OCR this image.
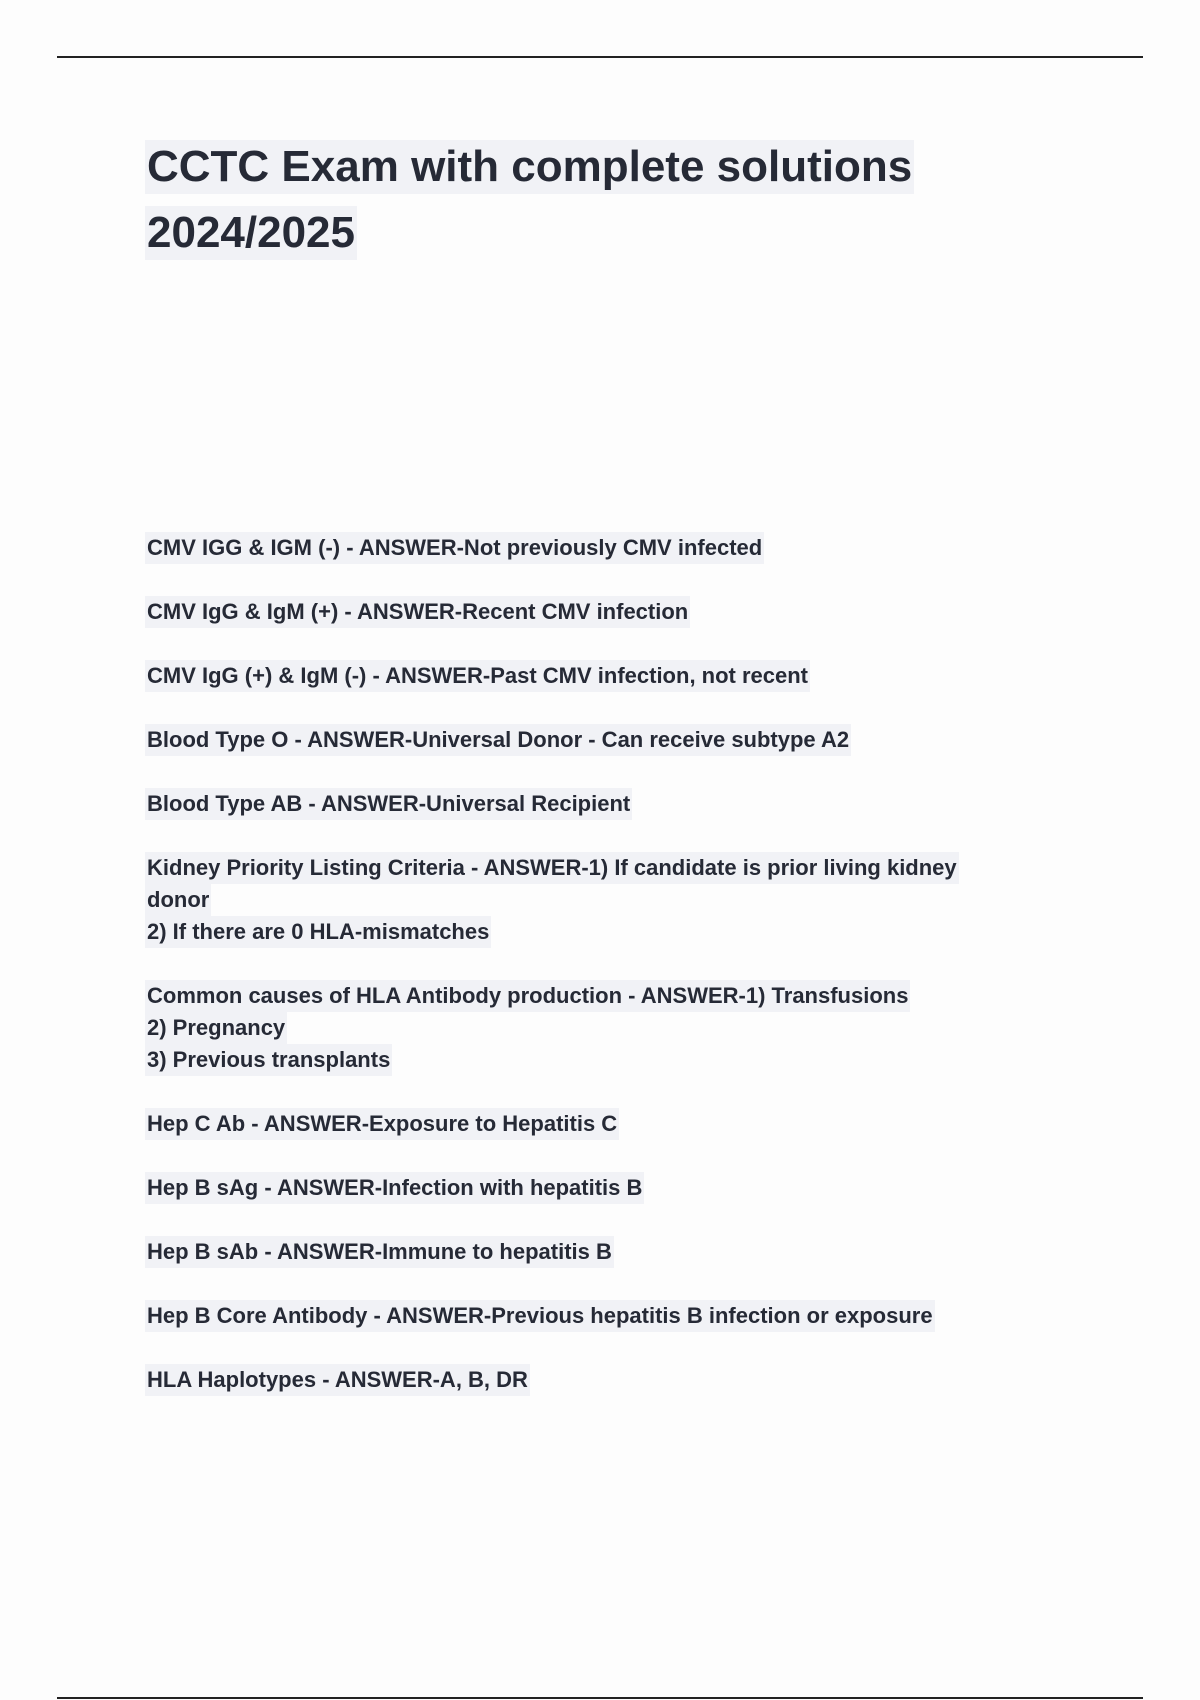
CCTC Exam with complete solutions
2024/2025
CMV IGG & IGM (-) - ANSWER-Not previously CMV infected
CMV IgG & IgM (+) - ANSWER-Recent CMV infection
CMV IgG (+) & IgM (-) - ANSWER-Past CMV infection, not recent
Blood Type O - ANSWER-Universal Donor - Can receive subtype A2
Blood Type AB - ANSWER-Universal Recipient
Kidney Priority Listing Criteria - ANSWER-1) If candidate is prior living kidney
donor
2) If there are 0 HLA-mismatches
Common causes of HLA Antibody production - ANSWER-1) Transfusions
2) Pregnancy
3) Previous transplants
Hep C Ab - ANSWER-Exposure to Hepatitis C
Hep B sAg - ANSWER-Infection with hepatitis B
Hep B sAb - ANSWER-Immune to hepatitis B
Hep B Core Antibody - ANSWER-Previous hepatitis B infection or exposure
HLA Haplotypes - ANSWER-A, B, DR
